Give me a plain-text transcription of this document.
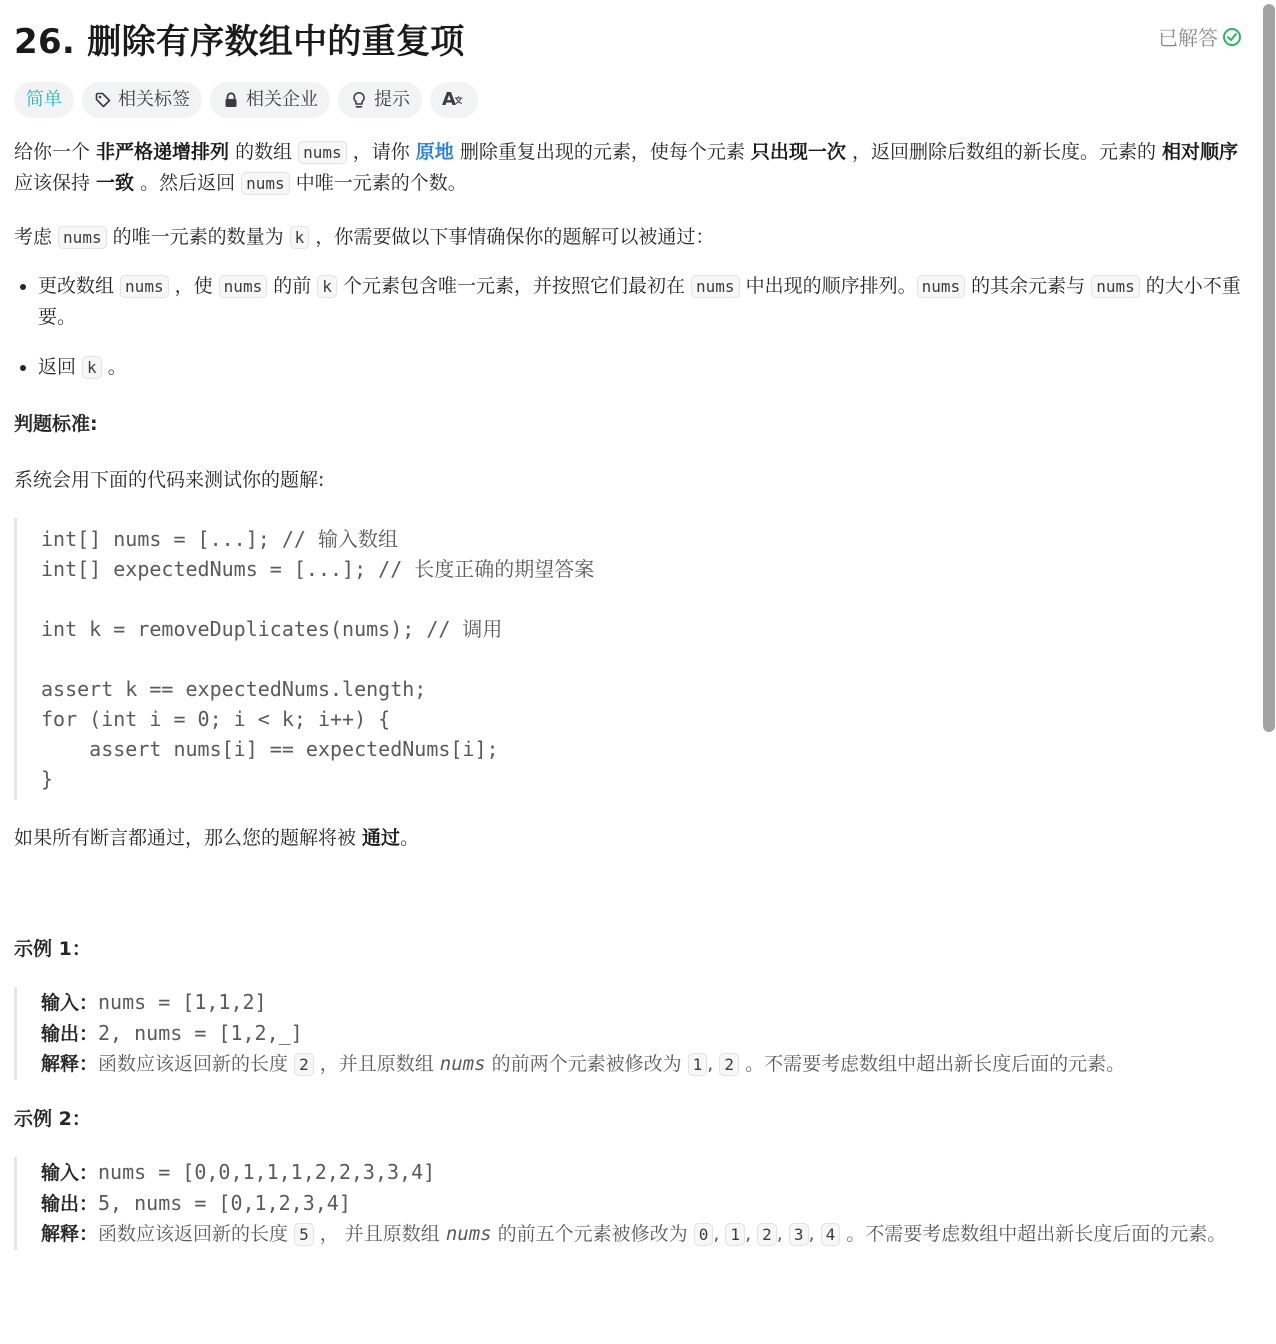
26. 删除有序数组中的重复项	已解答
简单	相关标签	相关企业	提示 A

给你一个 非严格递增排列 的数组 nums ，请你 原地 删除重复出现的元素，使每个元素 只出现一次 ，返回删除后数组的新长度。元素的 相对顺序 应该保持 一致 。然后返回 nums 中唯一元素的个数。

考虑 nums 的唯一元素的数量为 k ，你需要做以下事情确保你的题解可以被通过：

• 更改数组 nums ，使 nums 的前 k 个元素包含唯一元素，并按照它们最初在 nums 中出现的顺序排列。 nums 的其余元素与 nums 的大小不重要。
• 返回 k 。

判题标准:

系统会用下面的代码来测试你的题解:

int[] nums = [...]; // 输入数组
int[] expectedNums = [...]; // 长度正确的期望答案

int k = removeDuplicates(nums); // 调用

assert k == expectedNums.length;
for (int i = 0; i < k; i++) {
assert nums[i] == expectedNums[i];
}

如果所有断言都通过，那么您的题解将被 通过。

示例 1：

输入：nums = [1,1,2]
输出：2, nums = [1,2,_]
解释：函数应该返回新的长度 2 ，并且原数组 nums 的前两个元素被修改为 1 , 2 。不需要考虑数组中超出新长度后面的元素。

示例 2：

输入：nums = [0,0,1,1,1,2,2,3,3,4]
输出：5, nums = [0,1,2,3,4]
解释：函数应该返回新的长度 5 ， 并且原数组 nums 的前五个元素被修改为 0 , 1 , 2 , 3 , 4 。不需要考虑数组中超出新长度后面的元素。
